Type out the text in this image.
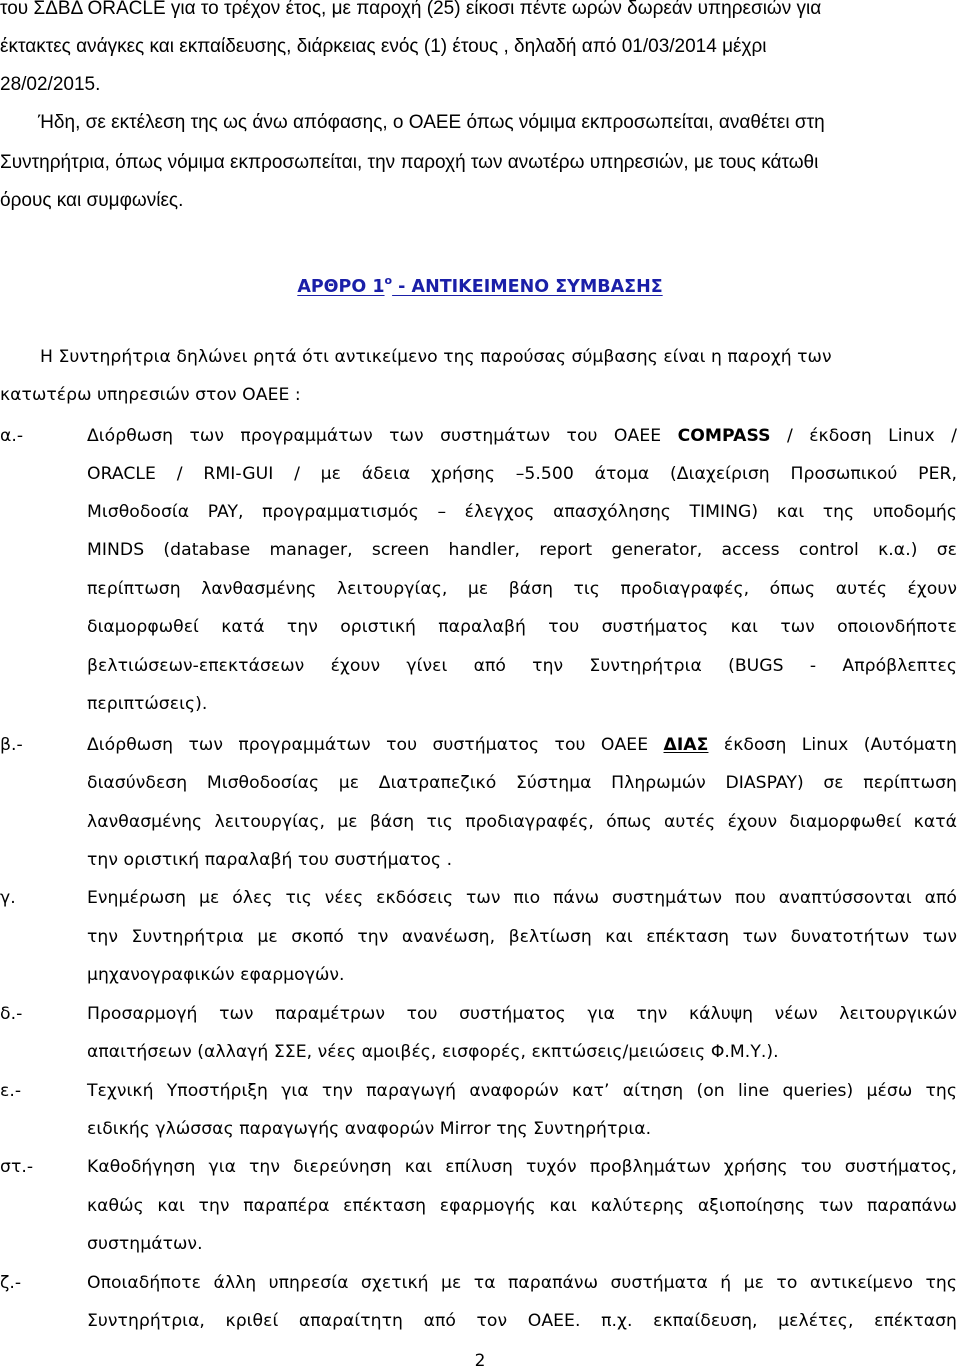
του ΣΔΒΔ ORACLE για το τρέχον έτος, με παροχή (25) είκοσι πέντε ωρών δωρεάν υπηρεσιών για
έκτακτες ανάγκες και εκπαίδευσης, διάρκειας ενός (1) έτους , δηλαδή από 01/03/2014 μέχρι
28/02/2015.
Ήδη, σε εκτέλεση της ως άνω απόφασης, ο ΟΑΕΕ όπως νόμιμα εκπροσωπείται, αναθέτει στη
Συντηρήτρια, όπως νόμιμα εκπροσωπείται, την παροχή των ανωτέρω υπηρεσιών, με τους κάτωθι
όρους και συμφωνίες.
ΑΡΘΡΟ $1^o$ - ΑΝΤΙΚΕΙΜΕΝΟ ΣΥΜΒΑΣΗΣ
Η Συντηρήτρια δηλώνει ρητά ότι αντικείμενο της παρούσας σύμβασης είναι η παροχή των
κατωτέρω υπηρεσιών στον ΟΑΕΕ :
α.-	Διόρθωση των προγραμμάτων των συστημάτων του ΟΑΕΕ COMPASS / έκδοση Linux /
ORACLE / RMI-GUI / με άδεια χρήσης –5.500 άτομα (Διαχείριση Προσωπικού PER,
Μισθοδοσία PAY, προγραμματισμός – έλεγχος απασχόλησης TIMING) και της υποδομής
MINDS (database manager, screen handler, report generator, access control κ.α.) σε
περίπτωση λανθασμένης λειτουργίας, με βάση τις προδιαγραφές, όπως αυτές έχουν
διαμορφωθεί κατά την οριστική παραλαβή του συστήματος και των οποιονδήποτε
βελτιώσεων-επεκτάσεων έχουν γίνει από την Συντηρήτρια (BUGS - Απρόβλεπτες
περιπτώσεις).
β.-	Διόρθωση των προγραμμάτων του συστήματος του ΟΑΕΕ ΔΙΑΣ έκδοση Linux (Αυτόματη
διασύνδεση Μισθοδοσίας με Διατραπεζικό Σύστημα Πληρωμών DIASPAY) σε περίπτωση
λανθασμένης λειτουργίας, με βάση τις προδιαγραφές, όπως αυτές έχουν διαμορφωθεί κατά
την οριστική παραλαβή του συστήματος .
γ.	Ενημέρωση με όλες τις νέες εκδόσεις των πιο πάνω συστημάτων που αναπτύσσονται από
την Συντηρήτρια με σκοπό την ανανέωση, βελτίωση και επέκταση των δυνατοτήτων των
μηχανογραφικών εφαρμογών.
δ.-	Προσαρμογή των παραμέτρων του συστήματος για την κάλυψη νέων λειτουργικών
απαιτήσεων (αλλαγή ΣΣΕ, νέες αμοιβές, εισφορές, εκπτώσεις/μειώσεις Φ.Μ.Υ.).
ε.-	Τεχνική Υποστήριξη για την παραγωγή αναφορών κατ’ αίτηση (on line queries) μέσω της
ειδικής γλώσσας παραγωγής αναφορών Mirror της Συντηρήτρια.
στ.-	Καθοδήγηση για την διερεύνηση και επίλυση τυχόν προβλημάτων χρήσης του συστήματος,
καθώς και την παραπέρα επέκταση εφαρμογής και καλύτερης αξιοποίησης των παραπάνω
συστημάτων.
ζ.-	Οποιαδήποτε άλλη υπηρεσία σχετική με τα παραπάνω συστήματα ή με το αντικείμενο της
Συντηρήτρια, κριθεί απαραίτητη από τον ΟΑΕΕ. π.χ. εκπαίδευση, μελέτες, επέκταση
2
